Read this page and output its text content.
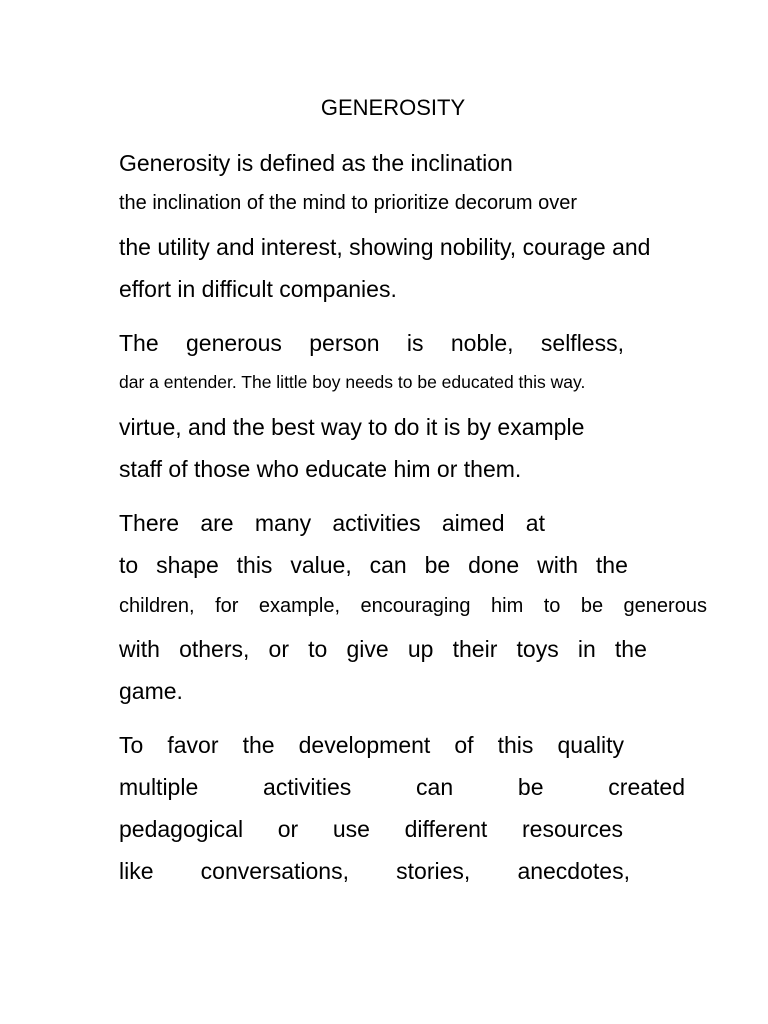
GENEROSITY
Generosity is defined as the inclination
the inclination of the mind to prioritize decorum over
the utility and interest, showing nobility, courage and
effort in difficult companies.
The generous person is noble, selfless,
dar a entender. The little boy needs to be educated this way.
virtue, and the best way to do it is by example
staff of those who educate him or them.
There are many activities aimed at
to shape this value, can be done with the
children, for example, encouraging him to be generous
with others, or to give up their toys in the
game.
To favor the development of this quality
multiple	activities	can	be	created
pedagogical or use different resources
like conversations, stories, anecdotes,
